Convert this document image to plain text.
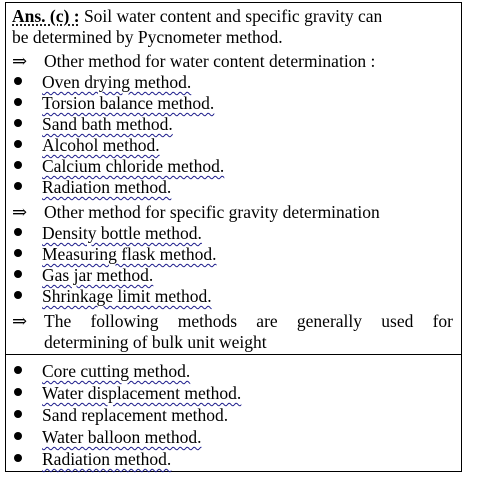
Ans. (c) : Soil water content and specific gravity can
be determined by Pycnometer method.
⇒ Other method for water content determination :
Oven drying method.
Torsion balance method.
Sand bath method.
Alcohol method.
Calcium chloride method.
Radiation method.
⇒ Other method for specific gravity determination
Density bottle method.
Measuring flask method.
Gas jar method.
Shrinkage limit method.
⇒ The following methods are generally used for
determining of bulk unit weight
Core cutting method.
Water displacement method.
Sand replacement method.
Water balloon method.
Radiation method.
